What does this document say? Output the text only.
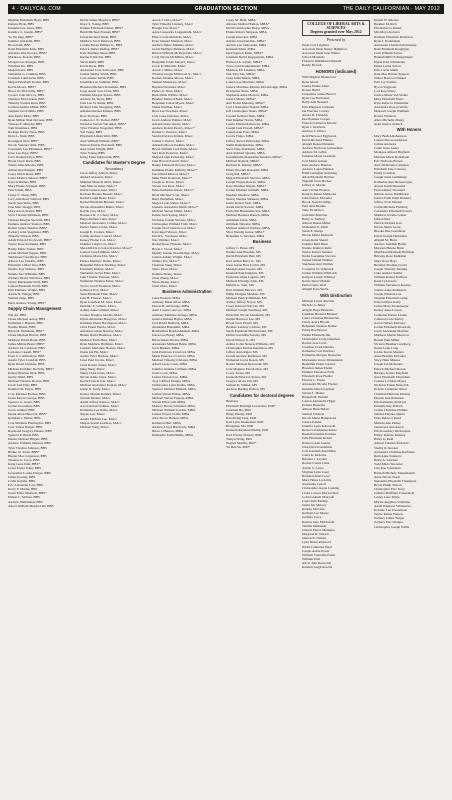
4 · DAILYCAL.COM	GRADUATION SECTION	THE DAILY CALIFORNIAN · MAY 2012

Meghan Elizabeth Hyatt, BBS

Pamela Hyde, BBS

Danielle Lee Jones, BBS

Kandice S. Joseph, BBS*

Yu Jin Jung, BBS*

Jennifer Ann Kim, BBS

Hoon Kim, BBS

Kelsi Elizabeth Kirk, BBS

Amanda Jane Kovacs, BBS*

Marika A. Kozola, BBS

Morgan Lee Krueger, BBS

Winifred Ku, BBS

Megan Kurz, BBS

Samantha G. Lahman, BBS

Jonathan Lambrecht, BBS

Megan Elizabeth Koehn, BBS

Kevin Moore, BBS*

Bruce W. McCarthy, BBS*

Cooper John McCoy, BBS

Shannon McCracken, BBS

Timothy Patrick Ross, BBS

Colleen Andrea Miller, BBS

Stephen Jacob Mills, BBS

Ann Marie Mola, BBS

Ryan Milton Neel Nevarez, BBS

Theresa E. Murphy, BBS

Tom Nakamura, BBS

Rodrigo Henry Nava, BBS

Dove L. Naik, BBS

Rosangela Neri, BBS*

Nicole Vanessa Ortiz, BBS

Cassandra Lee Pinnamen, BBS*

Jesse Lee Pope, BBS*

Lucy Katheryn Pye, BBS

Bryan Jacob Rack, BBS

Tristie Alise Rhodes, BBS

Amber Rae Ratigan, BBS

Casey Marie Reed, BBS

Laura Monica Salazar, BBS*

Kyle Schlather, BBS

Mary Elaine Schlegel, BBS

Erin Schutt, BBS

Chesy S. Sharp, BBS

Lacy Ann Reed Stafford, BBS

Sarah Jean Sides, BBS

Jane Marr Skaggs, BBS

Mary Aaron Slatter, BBS

Scott Thomas Smithson, BBS

Chelsea Morgan Spowitz, BBS

Damion Andrew Stanton, BBS

Robert James Steidler, BBS*

Zachary John Stegmaier, BBS

Timothy Stinson, BBS

Adam Edward Stockwell, BBS*

Taylor Rose Stoldaski, BBS

Bailey Marie Tasker, BBS

Adam Michael Tepper, BBS

Sabhanaee Upadhyaya, BBS

Allison Lee Venable, BBS

Elizabeth Lillian Vera, BBS

Natalie Kay Wallace, BBS

Natalie Sue Williams, BBS

Zachary Henry Windows, BBS

Taylor Mackenzie Wolf, BBS

Lauren Elizabeth Wolff, BBS

Erik Matthew Wright, BBS

Alexis N. Yunger, BBS

Samuel Zapp, BBS

Peter Andrew Young, BBS*

Supply Chain Management

Wei An, BBS

Chase Michael Arnay, BBS

Nathaniel J. Bassett, BBS

Natalie Baxter, BBS

Brian M. Bohmann, BBS*

Chase Michael Bolton, BBS

Matthew David Bonn, BBS

James Milton Brent, BBS*

Andrew M. Caldwell, BBS

Lucianne Cassell, BBS*

Evan V. Commodore, BBS

Austin Tyler Crandall, BBS

Ryan David Dasmier, BBS

Michael Dominic De Felis, BBS*

Kelsey Brianne Dick, BBS

Gretty Diehl, BBS

Michael Thomas Downs, BBS

Jacob Lief Fein, BBS

Ramirez M. Ferrer, BBS

Cory Michael Fischer, BBS

Grant Moore George, BBS

Spencer A. Goetz, BBS

Jordan Grossman, BBS

Jacob Gunkel, BBS

Derek Allen Hancock, BBS*

Kathleen J. Halter, BBS

Cole Matthew Harrington, BBS

Cole Tobias Harper, BBS

Raymond Gregory Hauser, BBS

Spencer P. Heidl, BBS

Dustin Michael Hilgert, BBS

Andrew William Johnson, BBS

Tyler Thomas Johnson, BBS

Blaine W. Jones, BBS*

Hunter Mac Jorgenson, BBS

Thomas A. Joyce, BBS

Kang Gene Kim, BBS*

Grant Taylor King, BBS

Jacqueline Louise Klages, BBS

James Koenig, BBS

Callie Kojima, BBS

Eric Alexander Leir, BBS

Kerry F. Martin, BBS

Grant Elliot Maxwell, BBS*

Dalton L. McKee, BBS

Andrew Mehrmann, BBS

Albert William Mugford III, BBS

Devin James Mugford, BBS*

Drew S. Young, BBS

Nathan Elizabeth Nisbet, BBS*

Heidi Michael Noland, BBS*

Jarrad Richard Nunn, BBS

Matthew Scott Peterson, BBS

Colden Bryan Phillips Jr., BBS

Patrick James Redlog, BBS*

Kyle Matthew Reed, BBS

Kieran P. Ritchie, BBS

Sarah Rudd, BBS

Kevin Ryan, BBS

Alexander Cole Schroeper, BBS

Joshua Shelby Smith, BBS

Cara Janette Smith, BBS

Jeremiah Lee Sommer, BBS

Brandon Michael Stoneman, BBS

Jorge Angel Soto Ortiz, BBS

William Morgan Spears, BBS

Andrew M. Steck, BBS

Josh Lee St. Rame, BBS

Richard John Stoepplug, BBS

Amanda Rachel Tamara, BBS

Ross Trollope, BBS

Cameron J. N. Tucker, BBS*

Nicholas Steven Van Allen, BBS*

Tyler Thomas Vosgerhof, BBS

Yan Wang, BBS

Elizabeth Lillian Weir, BBS

Alex William Wilkins, BBS*

Nelson Patrick Woodruff, BBS

Alex Grant Wright, BBS

Tyler Young, BBS

Kelsy Ellen Zurkowski, BBS

Candidates for Master's Degree

Accountancy

Jason Jeffrey Abbott, MAcc

Ahmad Alasooni, MAcc

Mehmet Mustafa Altin, MAcc

Seth Marcus Amer, MAcc*

David Jackson Aust, MAcc

Rachael Brooke Bassett, MAcc

Rachel Leigh Bean, MAcc

Rachel Elizabeth Burnett, MAcc

Nicole Alexandria Butler, MAcc

Kaylin Coe, MAcc

Barrence R. T. Chery, MAcc

Hugo Zhuhan Chen, MAcc

Michael Alexander Collins, MAcc

Parker James Crider, MAcc

Joseph E. Cramer, MAcc

Caitlin Andrew Conrad, MAcc

Kelsey Elaine Cox, MAcc

Jennifer Leigh Cox, MAcc

Meredith De la Garza Rancier, MAcc*

Lauren Lynn Dillman, MAcc

Christine Marie Dix, MAcc

Parker Matthew Drake, MAcc

Benjamin Patrick Dreiling, MAcc

Elizabeth Richter, MAcc

Samantha Jaclyn Eller, MAcc

Jake Thomas Feinster, MAcc

Nathaniel Thomas Fetter, MAcc

Trevor Jacob Freeman, MAcc

Cameron Fox, MAcc

Sean Elizabeth Flint, MAcc

Jean H. Frieson, MAcc

Ryan Jonathon M. Gies, MAcc

Dominic E. Gilbert, MAcc

Ashley Anne Gilliam, MAcc

Conner Douglas Gindes, MAcc

Dylan Alexander Hargrove, MAcc

Kathleen Elena Harrington, MAcc

Clint Ernest Harris, MAcc

Amanda Lauren Hawley, MAcc

Blaine David Hembree, MAcc

Madison Faith Hess, MAcc

Ryan Matthew Hoffman, MAcc

Lindsay Marianne Houser, MAcc

Jiaxin Ida Hu, MAcc

Austin Tyler Hudson, MAcc

Jared Paul Jacobs, MAcc

Jared Robert James, MAcc

Qing Jiang, MAcc

Shuqi Clark Jones, MAcc

Nicole Adele Jones, MAcc

Kevin Francis Jost, MAcc

Michael Alexander Kaplan, MAcc

Jessie N. Kelly, MAcc

Kelsey Mariah Kellner, MAcc

Stavish Khatiri, MAcc

Adam Jeffrey Kiesow, MAcc

Aaron Robert Kulkas, MAcc

Katherine Lee Kulla, MAcc

Xuyan Lee, MAcc

Austin Michael Lee, MAcc

Megan Sestili Leathers, MAcc

Michael Yang, MAcc

Aaron J. Lilly, MAcc*

Tyler Timothy Lindsey, MAcc

Hongtu Liu, MAcc*

Anna Cassandra Luggenbuhl, MAcc

Elise Corrin Marshall, MAcc

Evan Samuel Marmon, MAcc

Andrew Marie Mathias, MAcc

Grant Matthew Mattson, MAcc

Britton William McReynolds, MAcc

Cody Nicole McMillen, MAcc

Benjamin Jonah Meyers, MAcc

Jacob R. Miletich, MAcc

Aaron J. Miller, MAcc

Thomas Joseph Millwood Jr., MAcc

Rachel Johanna Moore, MAcc

Samuel Musterjoy, MAcc

Hayden Nevinski, MAcc

Parker A. Ness, MAcc

Beth Jamie O'Hare, MAcc

Heather Marie O'Neill, MAcc

Benjamin Josiah Myers, MAcc

Shane Nardine, MAcc

Brett Lee Newman, MAcc

Jody Gene Osborne, MAcc

Jacob Andrew Palmer, MAcc

Amanda Kate Oestry, MAcc

Andrew Robert Pearcy, MAcc*

Rachel C. Pearson, MAcc

Sandra Patricia Pellam, MAcc

Joshua J. Pearce, MAcc

Amanda Moore Perkins, MAcc

Bryan William Lion Pirtle, MAcc

Sara Kyle Peterson, MAcc

Megan Leigh Pickering, MAcc

Jake Horton Powell, MAcc

Bailey Elizabeth Proctor, MAcc

Kathleen Elaine Rafferty, MAcc*

Jason Reid Rhoton, MAcc*

Mike Ward Roebuck, MAcc*

Joseph A. Rowe, MAcc

Steven Jon Ross, MAcc

Erika Katherine Ruser, MAcc*

River Michael Scott, MAcc

Riley Benjamin, MAcc

Megan Lynn Sieker, MAcc*

Jeanette Alexandra Smith, MAcc*

Michael Steven Smith, MAcc

Kelsie Jean Spring, MAcc

Nicholas Joseph Stevens, MAcc

Christopher Wilfield Trull, MAcc

Joseph Noel Underwood, MAcc

Kyle Reed Vinson, MAcc

David L. Voorhees, MAcc

Wes Walther, MAcc

Rachel Rose Wheeler, MAcc

Bryan J. Wood, MAcc

Dudley Jeanne Woodbridge, MAcc

Lauren Ashley Wright, MAcc

Zhihua Yao, MAcc*

Chenxue Yang, MAcc

Sihao Zhou, MAcc

Jianhua Zhang, MAcc

Zitan Zheng, MAcc

Yiran Zhang, MAcc

Chen Zhao, MAcc

Business Administration

Jasen Persson, MBA

Anthony Brian Allan, MBA

Devon B. Alvarenga, MBA

Amir Lorenzo Arroyo, MBA

Anthony Matthew Artiaga, MBA

Geneva Ruhani Bajwa, MBA

Carl David Baldwin, MBA

Abdulsaid Baltahmir, MBA

Bandarmari Bondarokhaiali, MBA

Jason Lee Brady, MBA

Brian James Brown, MBA

Alexander Michael Busle, MBA

Scott Burkett, MBA

John Patterson Crawford, MBA

Maria Francesca Carrera, MBA

Michael Timothy Christen, MBA

Albert Lucas Cook, MBA

Jennifer Annette Cullman, MBA

Jonas Cook, MBA

Joshua Dorian Cox, MBA

Troy Clifford Dengis, MBA

Christopher Lynn Dobbs, MBA

Spencer Michael Emmett, MBA

Joshua Steven Fisher, MBA

Michael Steven Fuquay, MBA

Steven Elliot Gill, MBA

Mallory Nicole Gilliland, MBA

Michael William Gordon, MBA

Joshua Wayne Grills, MBA

Alex Pierce Hanner, MBA

Kameron Hart, MBA

Andrew Lloyd Hardwick, MBA

Brian J. Hanson, MBA

Kimberlie Faith Hinkle, MBA

Carey M. Held, MBA

Alfonso Molina Homan, MBA*

David Christopher Hopp, MBA

Elaine Robert Simpson, MBA

Joseph Innocker, MBA

Anjana Jeyachandran, MBA*

Andrea Lee Jankowski, MBA

Keenesh Khan, MBA

Ian Ferguson Klein, MBA*

Jonathan David Kupperman, MBA

Hamood A. Lalani, MBA*

Trace Lynn Krukenmeier, MBA

Matthew Eli Leismen, MBA

Wei-Ting Lin, MBA*

Greg Allen Mares, MBA

Lauren Lee Martinez, MBA

Jessica Martinez-Montes McCullough, MBA

Kristiyana Nolte, MBA

Stephanie Anne Monroe, MBA

Jessica Mears, MBA*

Ann Nobel Maloney, MBA*

Carl Christopher Nagata, MBA

Jeff Christopher Neuls, MBA*

Josedal Gebbert Neib, MBA

Paul Rakmer Norris, MBA

Laurie Elizabeth Parsons, MBA

Joseph Luis Powell, MBA*

Lauren Ann Pozo, MBA

Jacobs Fraijo, MBA

Jeffrey Steven Pilkowski, MBA

Sumit Ramchandran, MBA

Saed Vijay Prabhakar, MBA

Alex Robbert Quades, MBA

Gokulkrishna Rajaramachandran, MBA*

Michael Ramcik, MBA*

Rachael R. Renner, MBA*

Ethan Woodall Rozegall, MBA

Gong Rui, MBA*

Megan Elizabeth Serrano, MBA

Joseph Wayne Rowan, MBA

Kyle Matthew Ruppe, MBA*

Jordan Michael Schmidt, MBA

Stephen Shedlow, MBA

Neeraj Sharma Shokeen, MBA

Justin Robert Stoll, MBA

Adam David Swarth, MBA

Frederick Hassanalie Ssu, MBA

Michael Bernard Rausch, MBA

Abhishek Takar, MBA

Abhilash Talwatte, MBA

Michael Ashford Wallace, MBA

Vitor Wendig Genor, MBA*

Benjamin S. Zawisza, MBA

Business

Jeffrey C. Bates, MS

Natalie Ann Bawden, MS

David Elizabeth Bell, MS

Kari Arthur Berry Jr., MS

Jesse Aaron Bers Corbit, MS

Miranda Anne Lueers, MS

Kenneth Paul Kingzett, MS

Frederick Allen Leguire, MS

Michael Elbridge Link, MS

Dimitri G. Soni, MS

Paul William Macioci, MS

Philip Douglas Meehan, MS

Michael Patrick Milliken, MS

Ashley Jeffrey Noyes, MS

Casey Edward Narro II, MS

Michael Joseph Sandberg, MS

Parkerlila Nicole Sandholm, MS

Daniel Harrison Lee, MS

Bryan Scott Ezzell, MS

Heather Lindsay Carlisle, MS

Sarah Elizabeth Michalowski, MS

Dallas Gwendiln Stanley, MS

David Nelson Jr., MS

Arthur Coble Nelson-Williams, MS

Christopher Dorian Pendleton, MS

Jeffrey Alan Rigor, MS

Gerald Andrew Robinson, MS

Nathaniel Lucas Rosen, MS

Robert Michael Ryzowski, MS

Cole Maguire Theodolitos, MS

Corey Torres, MS

Kenneth Emerson Torres, MS

Gregory Alvin Vill, MS

Samuel R. Walker, MS

Andrew Barling Wilson, MS

Candidates for doctoral degrees

Business

Elizabeth Hannigh Goetschus, PhD*

Jonathan Ho, PhD

Haigo Huang, PhD

Jian Zhang Tang, PhD

Karl Lynn Kunneman, PhD

Hongzhuo Ma, PhD

Kenneth Raymond Philip, PhD

Kari Frazier Slattery, PhD

Tianyu Wang, PhD

Nagesh Murthy, PhD*

Yu Han Yu, PhD*

COLLEGE OF LIBERAL ARTS & SCIENCES

Degrees granted over May 2012

Presented by

Dean Carl Leighton

Associate Dean Nancy Hamilton

Associate Dean Jane Waller

School Marshals

Florence Dilkimusen Russell

Randy Bowell

HONORS (indicated)

With Highest Distinction

Rena Aliotti

Jeanne Elaine Amer

Robert Baird

Jacqueline James Bersch

Ryan Lee Buchanan

Holly Ann Bernard

Erin Margaret Callanan

Ian Fletcher Conrey

Alecia D. Chickley

Dee Brenner Copper

Frances Cameron Mossie

Ryan J. Dobbertz

Andrew T. Dutter

Reid Harwood Eggleston

David Richard Emmet

Abigail Renee Eubanks

Andrew Nicholas Gennerman

Andrew M. Gibbs

Julianna Marie Gresham

Cori Marie Jeanne

Kurt Andrew Blanton

Andrew Logan Hansen

Edith Gallagher Romberg

Allen Elizabeth Hertner

Wendell Scott Hecker

Jeffrey A. Martin

Ann Cecilia Hodson

Katelyn Renee Mattkotte

John Nelson McGuire

Brook Joseph Gillige

Paul Alan Blanke

Talia M. Mazzo

Gabrielle Marrone

Holly G. Verling

Allison Renee Miller

Madeleine E. Pettit

Sarah E. Rengo

Nicole Marie Richards

Gwen Katie Shamt

Jennifer Beth Hurn

Natalie Kathryn Reitz

Taylor Robert Sanders

Nadia Josephine Vaccaro

Tucker Daniel Weimer

Stephanie Ann Weimer

Cornelius W. Whitesell

Jordan William Whitlatch

Kenyon Louise Whitney

Karrie Ryan Winkler

Pema Claire Wolf

Abigail Kate Wolfe

With Distinction

Michael Lewis Allerton

Nichole A. Batey

Abigail Hope Benedito

Jonathan Bernard Brenner

Laura Christine Bildreicher

Cindy Avery Bloom

Benjamin Thomas Boline

Emily Rae Brewer

Emma Elizabeth Jim

Christopher Craig Chipman

Rachel Jean Cobb

Jonathan Clark Daniels

Katherine Colt Deichert

Katherine Morgan Depoerter

Mackenzie Grace Dinnemann

Benjamin Frank Carlson

Brandon James Enslin

Emmett Theodore Feitz

Elizabeth Rose Fiedler

Eleanor L. Flynn

Alexandra Nicolle Fischer

Danielle Dawn Gardner

Steven L. Hester

Hannah M. Handel

Lauren Alexandra Higgs

Kristen Hostetler

Allison Hunt Heiser

Samuel Johnson

Nicole Marie Hempstead

Jessica Kindel

Jennifer Lynn Kahowski

Rebecca Katherine Kerns

Hannah Kristina Krampe

Julia Elizabeth Kohen

Rebecca Ann Lauber

John David Lindeman

Cole Kenneth Kretchmar

Laura K. Kritsche

Brianna J. Leyden

Rachel Ursula Lima

Adelle S. Lance

Virginia Lynn Long

Brandon Pearl Lowe

Mary Helen Ludwick

Alexandra Lydolf

Christopher Aaron Lusking

Claire Carson MacLachlan

Colin Graham Maxwell

Laura Kim Medley

Justin Ian Mercey

Kendra McCann

Kathryn Lee Moore

Gemma Joyce

Kenton Jane McDonald

Tabitha Mudarkin

Gideon Pierce Mulligan

Margaret R. Nelson

Sharon R. Nestler

Lynn Dawn Pedicord

Nadia Catherine Perel

Joseph Aaron Porter

William Chandler Potter

William Pratt

Alicia Tam Reynolds

Kendall Leigh Rotella

Daniel W. Rhodes

Heather M. Rich

Elia Rebecca Rieder

Mia Moyo Roberts

Kathryn Elizabeth Robinson

Ryan J. Rodenbush

Alexander Christian Romansky

Ruth Elizabeth Roughgen

Leah William Saylor

Hannah Mills Schlageninger

Dylan Paul Schmaeder

Diana Leslie Schott

Erin Carrie Smith

Kate Mae Barnes Spencer

Walter Harwood Sikkel

Erin Joy Stamler

Byron Vaggione

Lori Kay Staley

Jessica Marie Van Sickle

Mary Elizabeth Weirs

Kyle Rebecca Wissmiller

Alexandra Rowan Wolfe

Maxwell Joseph Weilham

Robert Winslow

Alina Michelle Zheng

Ariel Jessica Zelnick

With Honors

Mary Beth Abrahamson

Lauren Moore Anderson

Joshua Andrews

Caleb Jesse Arena

Monique Allison Brigham

Melanie Marie Bohrmann

Eric Nicholas Brown

Alex McKenzie Campion

Elizabeth Jane Connors

Emily Coleman

Joseph Jesús Cummings

Katherine Ann DeAuvergne

Alyssa Keith Desaulter

Peyton Riley Downard

Allison Grace Dumbleton

Jessica Faith Pugh Doherty

Jeffrey Scott Dunbar

Collin Michelle Fielding

Cassandra Elizabeth Fowler

Matthew Jerome Gaiser

Gillian Hart

Patrick Richard Gau

Nicole Marie Gerig

Brooke Dee Grandison

David Joseph Hartmann

Abigail M. Hurst

Andrew Jedidiah Heller

Maryssa Helene Hunt

Maddison Elizabeth Hoffman

Brittany Rose Kuhlman

Mary Rose Hoyt

Brendan Thomas Jacobs

Joseph Timothy Jenning

Luke Andrew Kahler

William Robert Kalhorn

Katie Lyn Keefe

William Stevenson Keaney

Valerie Anne Kollintzas

Joseph Winston Lee

Virginia Elizabeth Lemp

Edward Ryne Kelty

Jackie Mary Kroneberger

Kelsey Anne Larson

Catherine Parker Lesnik

Cameron Cole Mabry

Aaron Nelsen Maloney

Jordan Elizabeth McAdam

Jacob Alexander Meichel

Matthew Martin Mesirow

Brandt Paul Miller

Victoria Heather Lundberg

Kevin Lynn Long

Jordan Kevin Masters

Anna Bradley McGuire

Stacy Hein Maness

Joseph Ian McKenna

Patrick Michael Moran

Brianna Louisa Mayfield

Anne Elizabeth Moynihan

Leanna Lorraine Myers

Nicholas Frank Neuwirth

Kristen Leshaune Olson

Christian Harrison Perkins

Phoebe Ann Pettersen

Ella Katherine Peterson

Danielle Ray Pollack

Carina Christine Phillips

Sabrina Haynes Quinn

Elsie Rebecca Read

Melissa Ann Parker

Guinevere Ann Reece

Ella Rosemary Richardson

Emily Thérèse Ramsey

Haley Jo Reid

Allison Thomas Richards

Shelby R. Rocker

Alexandra Christine Rothman

Ruth Anne Salatrero

Holly A. Sanchez

Todd Maris Shroeder

Lisa Rae Schurman

Hannah Michele Tannenbaum

Anna Nicole Tesch

Samantha Elizabeth Thompson

Bryan Philip Tillson

Christopher Eric Tracy

Jennifer Hoffman Trauernicht

Lesley Lane Tuttle

Marisa Angelina Valentine

Adam Emerson Villanueva

Kristine Lee Vonderhaar

Taylor Renee Watson

Zachary James Yeager

Zachary Eric Wenger

Christopher Joseph Willis
